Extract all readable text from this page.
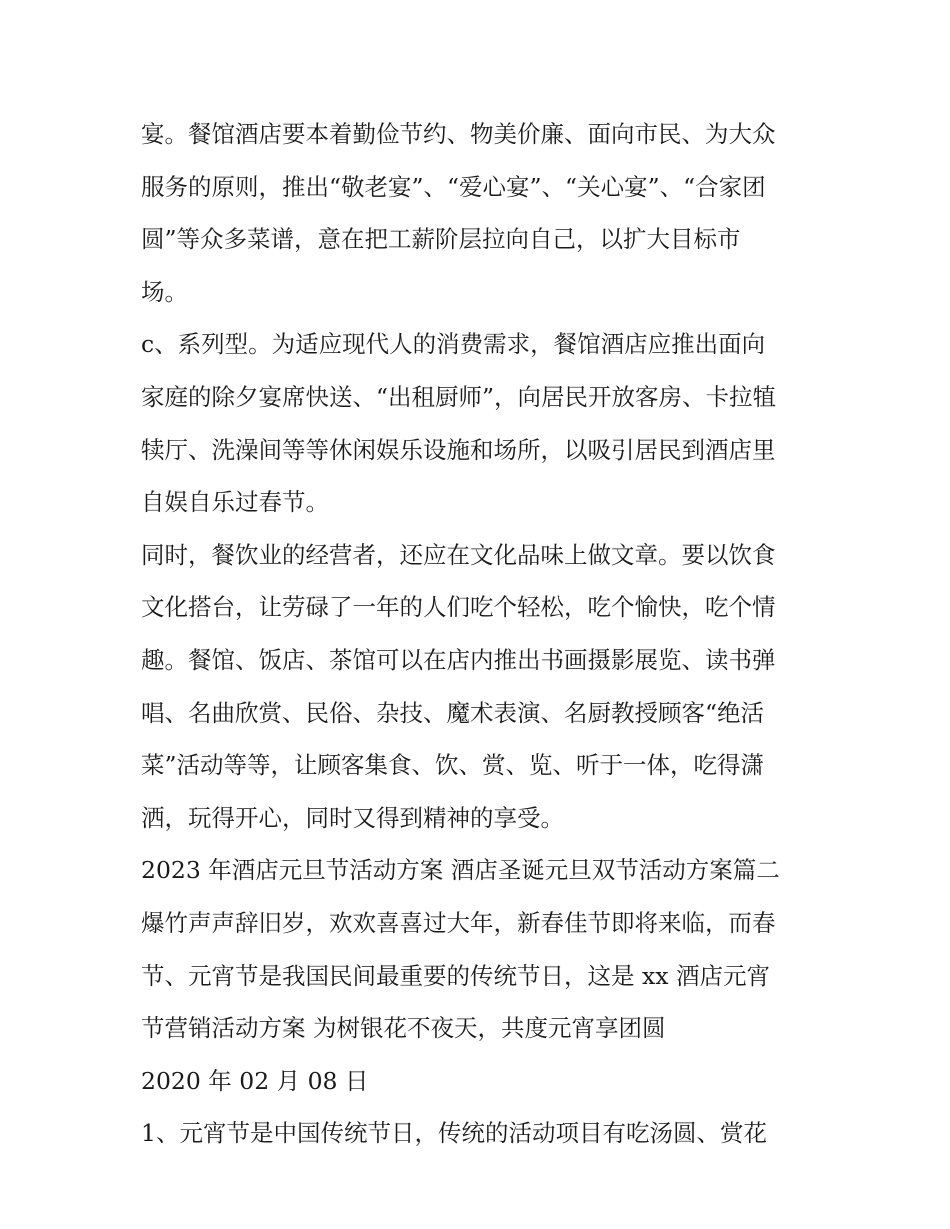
宴。餐馆酒店要本着勤俭节约、物美价廉、面向市民、为大众
服务的原则，推出“敬老宴”、“爱心宴”、“关心宴”、“合家团
圆”等众多菜谱，意在把工薪阶层拉向自己，以扩大目标市
场。
c、系列型。为适应现代人的消费需求，餐馆酒店应推出面向
家庭的除夕宴席快送、“出租厨师”，向居民开放客房、卡拉犆
犊厅、洗澡间等等休闲娱乐设施和场所，以吸引居民到酒店里
自娱自乐过春节。
同时，餐饮业的经营者，还应在文化品味上做文章。要以饮食
文化搭台，让劳碌了一年的人们吃个轻松，吃个愉快，吃个情
趣。餐馆、饭店、茶馆可以在店内推出书画摄影展览、读书弹
唱、名曲欣赏、民俗、杂技、魔术表演、名厨教授顾客“绝活
菜”活动等等，让顾客集食、饮、赏、览、听于一体，吃得潇
洒，玩得开心，同时又得到精神的享受。
2023 年酒店元旦节活动方案 酒店圣诞元旦双节活动方案篇二
爆竹声声辞旧岁，欢欢喜喜过大年，新春佳节即将来临，而春
节、元宵节是我国民间最重要的传统节日，这是 xx 酒店元宵
节营销活动方案 为树银花不夜天，共度元宵享团圆
2020 年 02 月 08 日
1、元宵节是中国传统节日，传统的活动项目有吃汤圆、赏花
